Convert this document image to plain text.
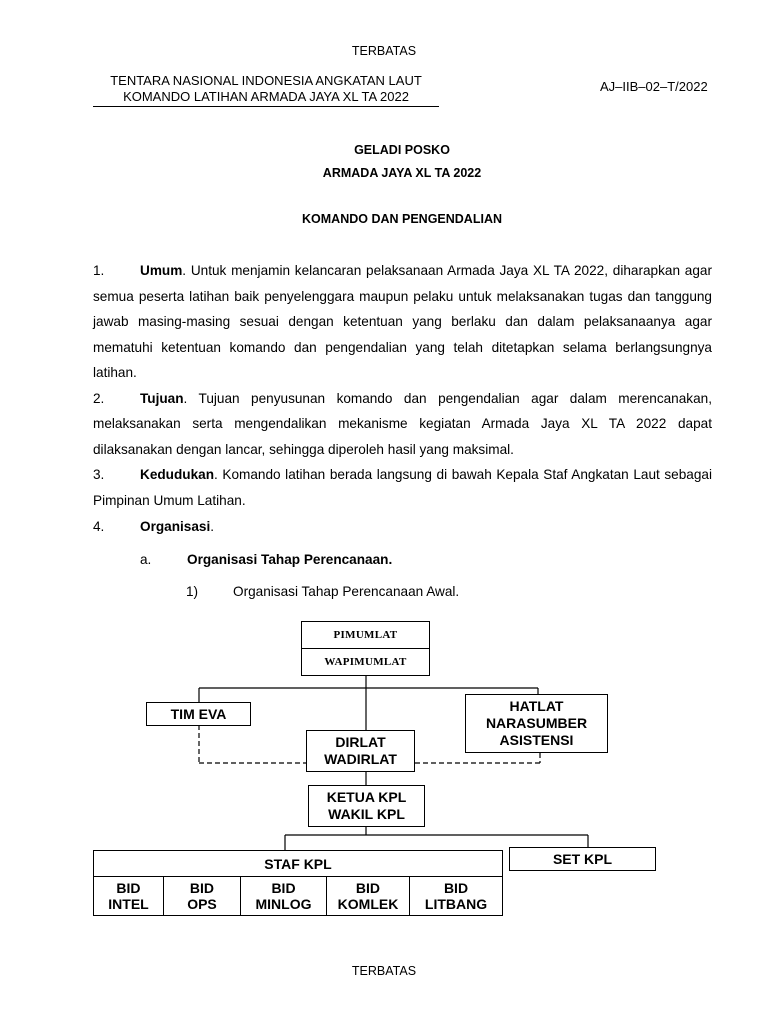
TERBATAS
TENTARA NASIONAL INDONESIA ANGKATAN LAUT
KOMANDO LATIHAN ARMADA JAYA XL TA 2022
AJ–IIB–02–T/2022
GELADI POSKO
ARMADA JAYA XL TA 2022
KOMANDO DAN PENGENDALIAN

1.	Umum. Untuk menjamin kelancaran pelaksanaan Armada Jaya XL TA 2022, diharapkan agar semua peserta latihan baik penyelenggara maupun pelaku untuk melaksanakan tugas dan tanggung jawab masing-masing sesuai dengan ketentuan yang berlaku dan dalam pelaksanaanya agar mematuhi ketentuan komando dan pengendalian yang telah ditetapkan selama berlangsungnya latihan.

2.	Tujuan. Tujuan penyusunan komando dan pengendalian agar dalam merencanakan, melaksanakan serta mengendalikan mekanisme kegiatan Armada Jaya XL TA 2022 dapat dilaksanakan dengan lancar, sehingga diperoleh hasil yang maksimal.

3.	Kedudukan. Komando latihan berada langsung di bawah Kepala Staf Angkatan Laut sebagai Pimpinan Umum Latihan.

4.	Organisasi.
a.	Organisasi Tahap Perencanaan.
1)	Organisasi Tahap Perencanaan Awal.
PIMUMLAT
WAPIMUMLAT
TIM EVA	HATLAT
NARASUMBER
ASISTENSI
DIRLAT
WADIRLAT
KETUA KPL
WAKIL KPL
SET KPL
STAF KPL
BID
INTEL
BID
OPS
BID
MINLOG
BID
KOMLEK
BID
LITBANG
TERBATAS
